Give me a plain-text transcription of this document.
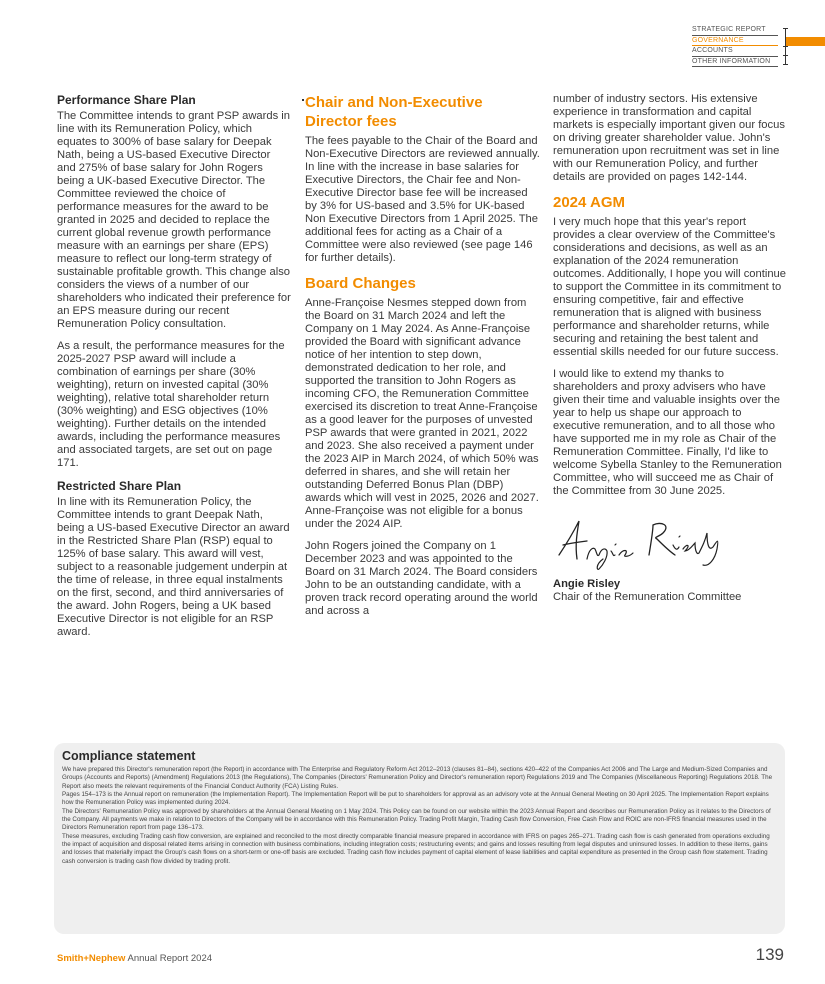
STRATEGIC REPORT
GOVERNANCE
ACCOUNTS
OTHER INFORMATION
Performance Share Plan

The Committee intends to grant PSP awards in line with its Remuneration Policy, which equates to 300% of base salary for Deepak Nath, being a US-based Executive Director and 275% of base salary for John Rogers being a UK-based Executive Director. The Committee reviewed the choice of performance measures for the award to be granted in 2025 and decided to replace the current global revenue growth performance measure with an earnings per share (EPS) measure to reflect our long-term strategy of sustainable profitable growth. This change also considers the views of a number of our shareholders who indicated their preference for an EPS measure during our recent Remuneration Policy consultation.

As a result, the performance measures for the 2025-2027 PSP award will include a combination of earnings per share (30% weighting), return on invested capital (30% weighting), relative total shareholder return (30% weighting) and ESG objectives (10% weighting). Further details on the intended awards, including the performance measures and associated targets, are set out on page 171.

Restricted Share Plan

In line with its Remuneration Policy, the Committee intends to grant Deepak Nath, being a US-based Executive Director an award in the Restricted Share Plan (RSP) equal to 125% of base salary. This award will vest, subject to a reasonable judgement underpin at the time of release, in three equal instalments on the first, second, and third anniversaries of the award. John Rogers, being a UK based Executive Director is not eligible for an RSP award.

Chair and Non-Executive Director fees

The fees payable to the Chair of the Board and Non-Executive Directors are reviewed annually. In line with the increase in base salaries for Executive Directors, the Chair fee and Non-Executive Director base fee will be increased by 3% for US-based and 3.5% for UK-based Non Executive Directors from 1 April 2025. The additional fees for acting as a Chair of a Committee were also reviewed (see page 146 for further details).

Board Changes

Anne-Françoise Nesmes stepped down from the Board on 31 March 2024 and left the Company on 1 May 2024. As Anne-Françoise provided the Board with significant advance notice of her intention to step down, demonstrated dedication to her role, and supported the transition to John Rogers as incoming CFO, the Remuneration Committee exercised its discretion to treat Anne-Françoise as a good leaver for the purposes of unvested PSP awards that were granted in 2021, 2022 and 2023. She also received a payment under the 2023 AIP in March 2024, of which 50% was deferred in shares, and she will retain her outstanding Deferred Bonus Plan (DBP) awards which will vest in 2025, 2026 and 2027. Anne-Françoise was not eligible for a bonus under the 2024 AIP.

John Rogers joined the Company on 1 December 2023 and was appointed to the Board on 31 March 2024. The Board considers John to be an outstanding candidate, with a proven track record operating around the world and across a

number of industry sectors. His extensive experience in transformation and capital markets is especially important given our focus on driving greater shareholder value. John's remuneration upon recruitment was set in line with our Remuneration Policy, and further details are provided on pages 142-144.

2024 AGM

I very much hope that this year's report provides a clear overview of the Committee's considerations and decisions, as well as an explanation of the 2024 remuneration outcomes. Additionally, I hope you will continue to support the Committee in its commitment to ensuring competitive, fair and effective remuneration that is aligned with business performance and shareholder returns, while securing and retaining the best talent and essential skills needed for our future success.

I would like to extend my thanks to shareholders and proxy advisers who have given their time and valuable insights over the year to help us shape our approach to executive remuneration, and to all those who have supported me in my role as Chair of the Remuneration Committee. Finally, I'd like to welcome Sybella Stanley to the Remuneration Committee, who will succeed me as Chair of the Committee from 30 June 2025.

Angie Risley
Chair of the Remuneration Committee
Compliance statement

We have prepared this Director's remuneration report (the Report) in accordance with The Enterprise and Regulatory Reform Act 2012–2013 (clauses 81–84), sections 420–422 of the Companies Act 2006 and The Large and Medium-Sized Companies and Groups (Accounts and Reports) (Amendment) Regulations 2013 (the Regulations), The Companies (Directors' Remuneration Policy and Director's remuneration report) Regulations 2019 and The Companies (Miscellaneous Reporting) Regulations 2018. The Report also meets the relevant requirements of the Financial Conduct Authority (FCA) Listing Rules.

Pages 154–173 is the Annual report on remuneration (the Implementation Report). The Implementation Report will be put to shareholders for approval as an advisory vote at the Annual General Meeting on 30 April 2025. The Implementation Report explains how the Remuneration Policy was implemented during 2024.

The Directors' Remuneration Policy was approved by shareholders at the Annual General Meeting on 1 May 2024. This Policy can be found on our website within the 2023 Annual Report and describes our Remuneration Policy as it relates to the Directors of the Company. All payments we make in relation to Directors of the Company will be in accordance with this Remuneration Policy. Trading Profit Margin, Trading Cash flow Conversion, Free Cash Flow and ROIC are non-IFRS financial measures used in the Directors Remuneration report from page 136–173.

These measures, excluding Trading cash flow conversion, are explained and reconciled to the most directly comparable financial measure prepared in accordance with IFRS on pages 265–271. Trading cash flow is cash generated from operations excluding the impact of acquisition and disposal related items arising in connection with business combinations, including integration costs; restructuring events; and gains and losses resulting from legal disputes and uninsured losses. In addition to these items, gains and losses that materially impact the Group's cash flows on a short-term or one-off basis are excluded. Trading cash flow includes payment of capital element of lease liabilities and capital expenditure as presented in the Group cash flow statement. Trading cash conversion is trading cash flow divided by trading profit.

Smith+Nephew Annual Report 2024	139
